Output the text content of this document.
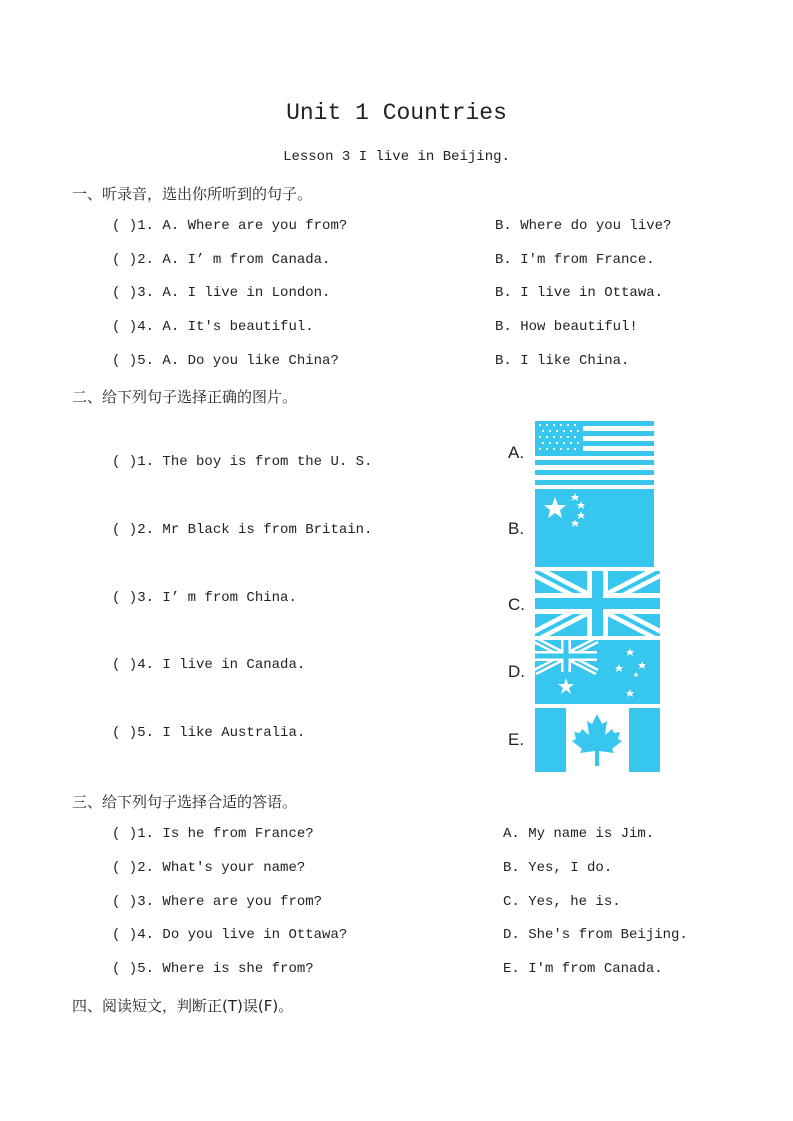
Unit 1 Countries
Lesson 3 I live in Beijing.
一、听录音，选出你所听到的句子。
( )1. A. Where are you from?	B. Where do you live?
( )2. A. I’ m from Canada.	B. I'm from France.
( )3. A. I live in London.	B. I live in Ottawa.
( )4. A. It's beautiful.	B. How beautiful!
( )5. A. Do you like China?	B. I like China.
二、给下列句子选择正确的图片。
( )1. The boy is from the U. S.
( )2. Mr Black is from Britain.
( )3. I’ m from China.
( )4. I live in Canada.
( )5. I like Australia.
A.
B.
C.
D.
E.
三、给下列句子选择合适的答语。
( )1. Is he from France?	A. My name is Jim.
( )2. What's your name?	B. Yes, I do.
( )3. Where are you from?	C. Yes, he is.
( )4. Do you live in Ottawa?	D. She's from Beijing.
( )5. Where is she from?	E. I'm from Canada.
四、阅读短文，判断正(T)误(F)。
